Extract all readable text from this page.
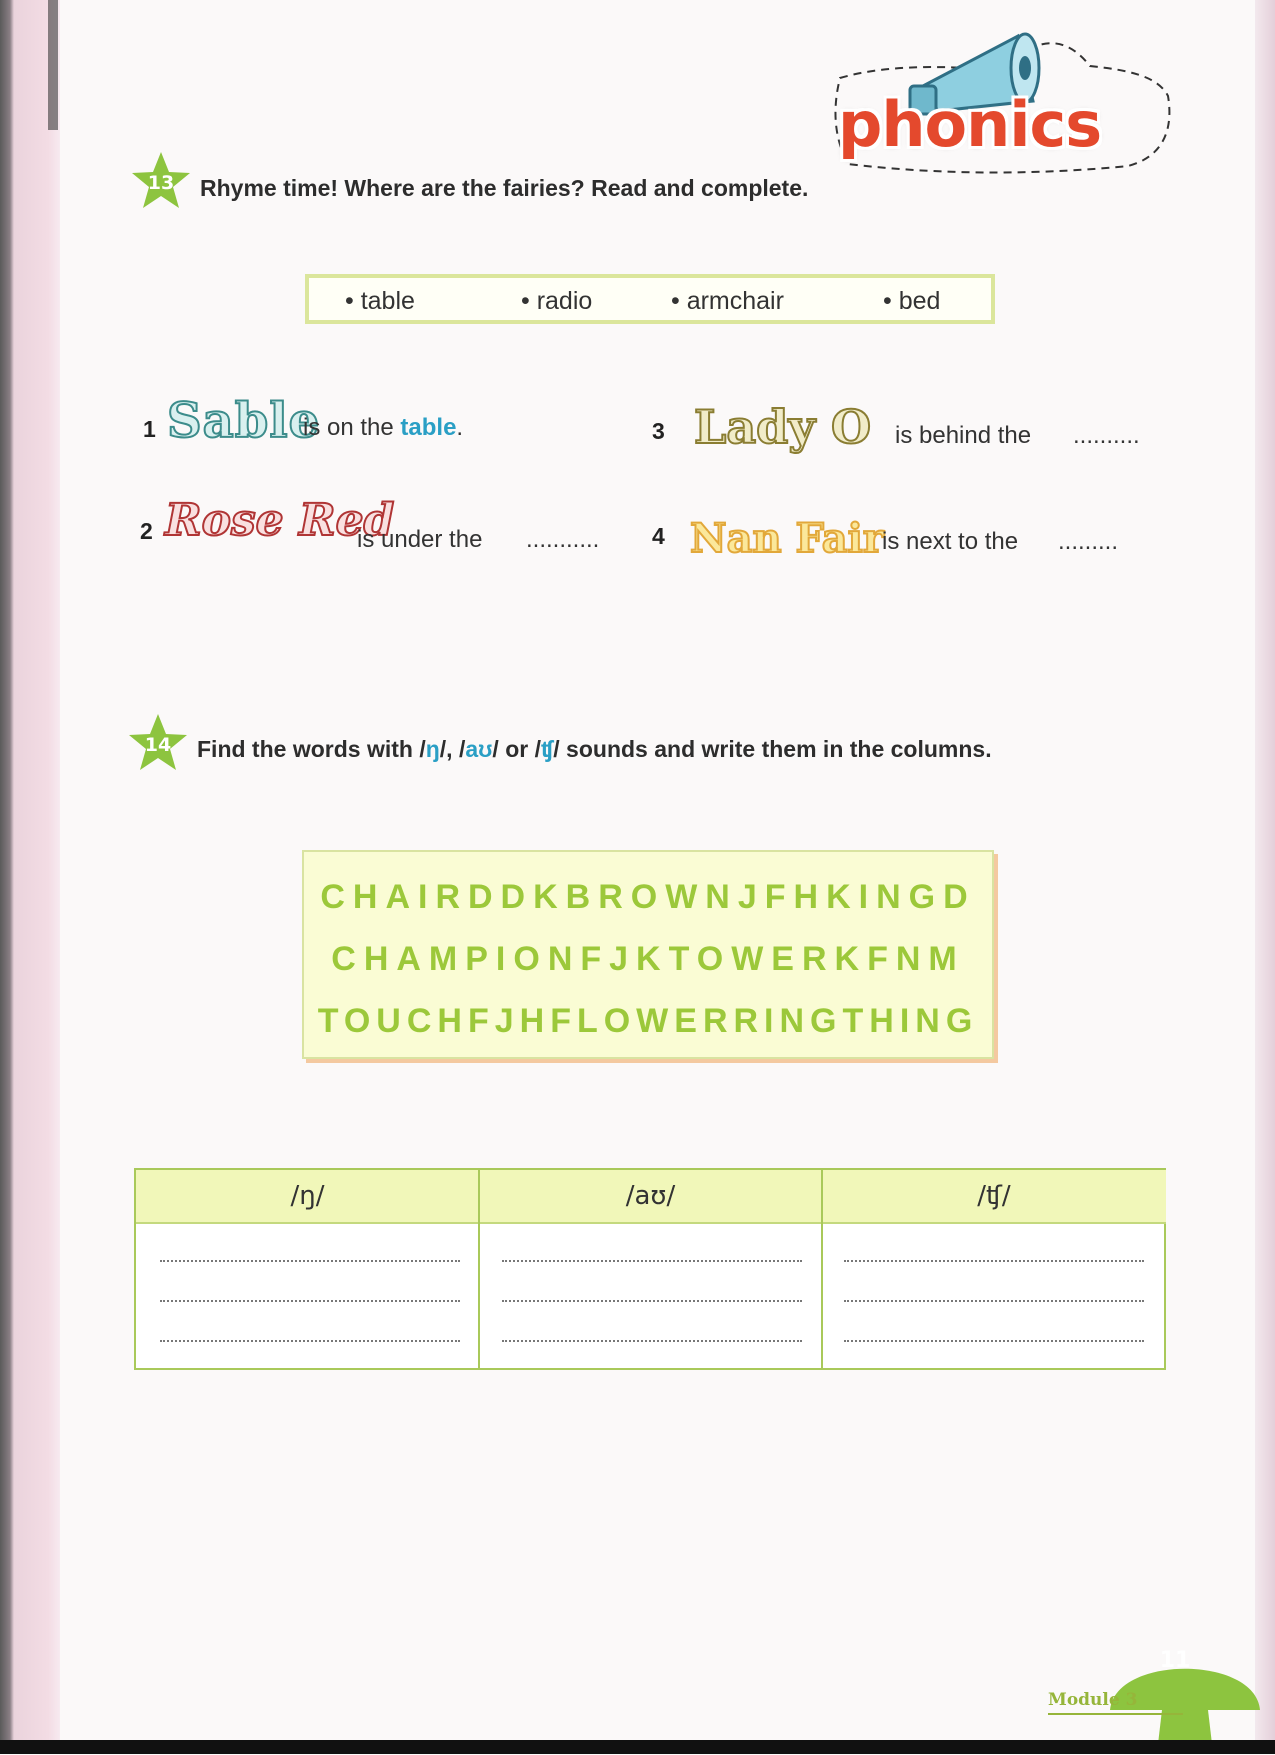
phonics
13	Rhyme time! Where are the fairies? Read and complete.
• table	• radio	• armchair	• bed
1 Sable
is on the table.
2 Rose Red
is under the ...........
3 Lady O is behind the ..........
4 Nan Fair
is next to the .........
14	Find the words with /ŋ/, /aʊ/ or /ʧ/ sounds and write them in the columns.
CHAIRDDKBROWNJFHKINGD
CHAMPIONFJKTOWERKFNM
TOUCHFJHFLOWERRINGTHING
/ŋ/	/aʊ/	/ʧ/
11
Module 3
